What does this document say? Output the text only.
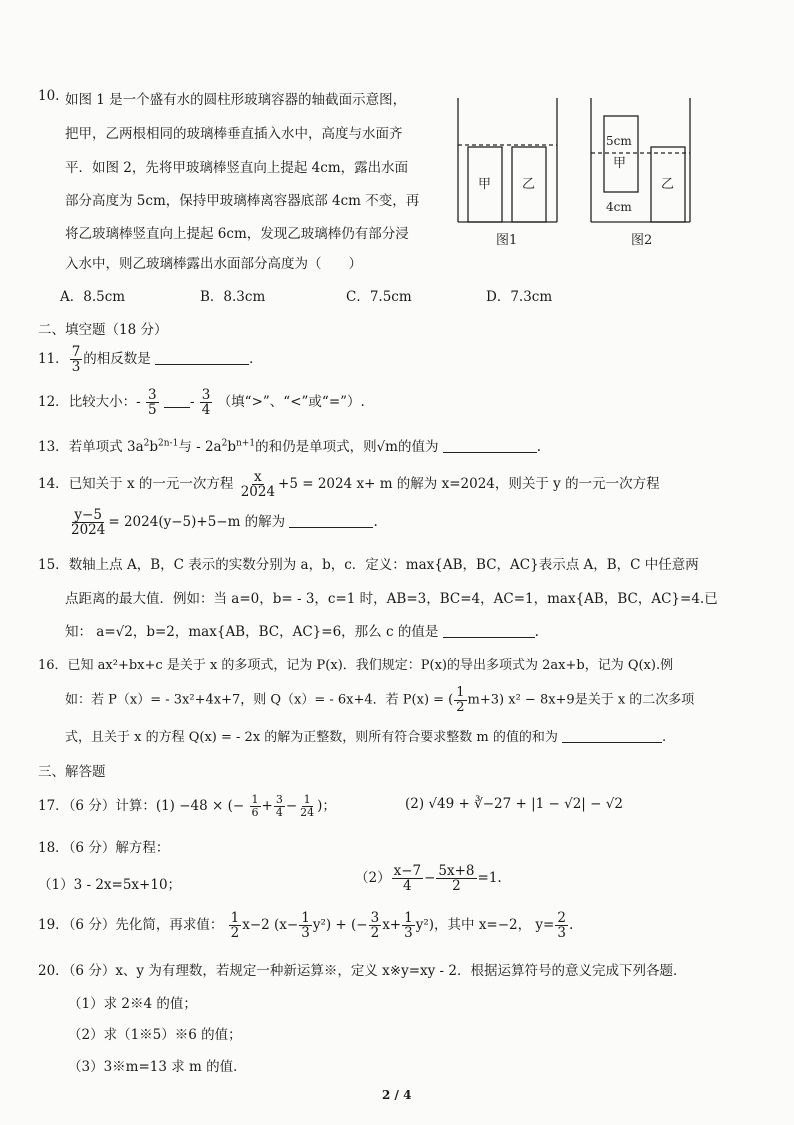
10. 如图 1 是一个盛有水的圆柱形玻璃容器的轴截面示意图，
把甲，乙两根相同的玻璃棒垂直插入水中，高度与水面齐
平．如图 2，先将甲玻璃棒竖直向上提起 4cm，露出水面
部分高度为 5cm，保持甲玻璃棒离容器底部 4cm 不变，再
将乙玻璃棒竖直向上提起 6cm，发现乙玻璃棒仍有部分浸
入水中，则乙玻璃棒露出水面部分高度为（　　）
甲 乙
5cm
甲
乙
4cm
图1	图2
A．8.5cm	B．8.3cm	C．7.5cm	D．7.3cm
二、填空题（18 分）
11． $\frac{7}{3}$ 的相反数是	．
12．比较大小：- $\frac{3}{5} - \frac{3}{4}$ （填“>”、“<”或“=”）.
13．若单项式 $3a^2b^{2n-1}$与 - $2a^2b^{n+1}$的和仍是单项式，则√m的值为	.
14．已知关于 x 的一元一次方程 $\frac{x}{2024} +5 = 2024$ x+ m 的解为 x=2024，则关于 y 的一元一次方程
$\frac{y-5}{2024} = 2024(y-5)+5-m$ 的解为	.
15．数轴上点 A，B，C 表示的实数分别为 a，b，c．定义：max{AB，BC，AC}表示点 A，B，C 中任意两
点距离的最大值．例如：当 a=0，b= - 3，c=1 时，AB=3，BC=4，AC=1，max{AB，BC，AC}=4.已
知： a=√2，b=2，max{AB，BC，AC}=6，那么 c 的值是	.
16．已知 ax²+bx+c 是关于 x 的多项式，记为 P(x)．我们规定：P(x)的导出多项式为 2ax+b，记为 Q(x).例
如：若 P（x）= - 3x²+4x+7，则 Q（x）= - 6x+4．若 P(x) = ( $\frac{1}{2} m+3$) x² − 8x+9是关于 x 的二次多项
式，且关于 x 的方程 Q(x) = - 2x 的解为正整数，则所有符合要求整数 m 的值的和为	.
三、解答题
17．（6 分）计算：(1) −48 × (− $\frac{1}{6} + \frac{3}{4} - \frac{1}{24}$ )；	(2) √49 + ∛−27 + |1 − √2| − √2
18．（6 分）解方程：
（1）3 - 2x=5x+10；	$(2) \frac{x-7}{4} - \frac{5x+8}{2} =1$.
19．（6 分）先化简，再求值： $\frac{1}{2} x-2$ $(x- \frac{1}{3} y^2)$ + (− $\frac{3}{2} x+ \frac{1}{3} y^2$)，其中 x=−2， $y= \frac{2}{3}$ .
20．（6 分）x、y 为有理数，若规定一种新运算※，定义 x※y=xy - 2．根据运算符号的意义完成下列各题．
（1）求 2※4 的值；
（2）求（1※5）※6 的值；
（3）3※m=13 求 m 的值．
2 / 4
